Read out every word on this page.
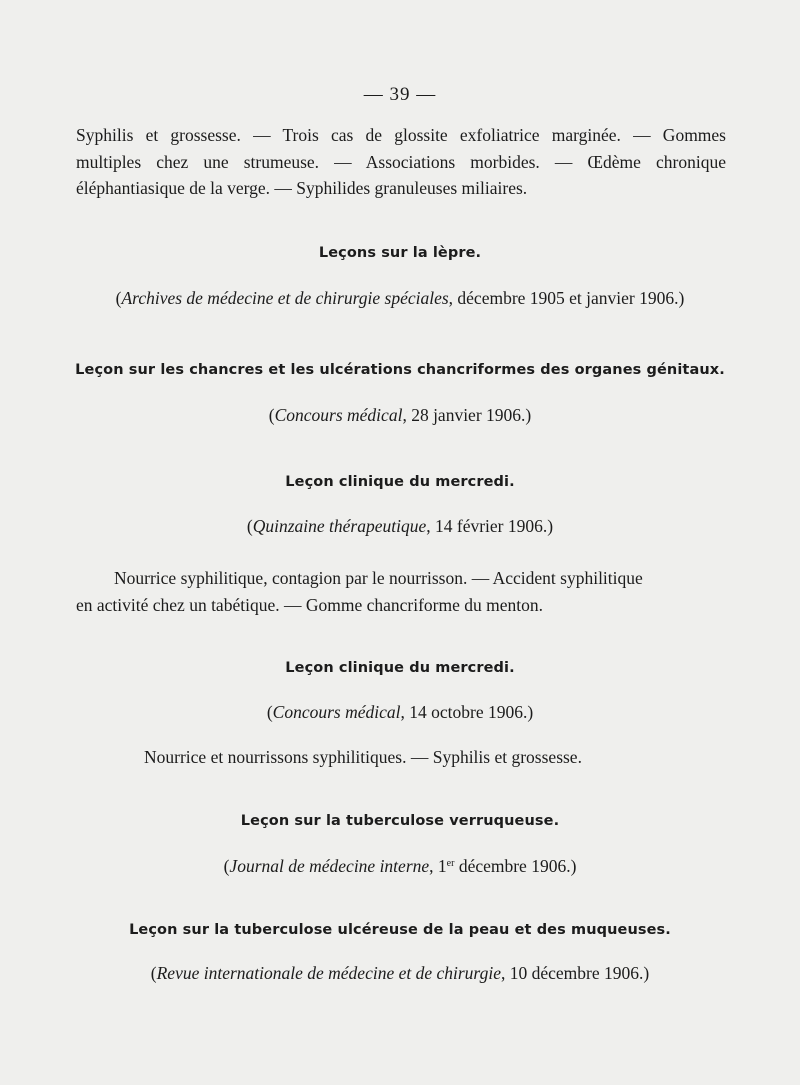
— 39 —
Syphilis et grossesse. — Trois cas de glossite exfoliatrice marginée. — Gommes
multiples chez une strumeuse. — Associations morbides. — Œdème chronique
éléphantiasique de la verge. — Syphilides granuleuses miliaires.
Leçons sur la lèpre.
(Archives de médecine et de chirurgie spéciales, décembre 1905 et janvier 1906.)
Leçon sur les chancres et les ulcérations chancriformes des organes génitaux.
(Concours médical, 28 janvier 1906.)
Leçon clinique du mercredi.
(Quinzaine thérapeutique, 14 février 1906.)
Nourrice syphilitique, contagion par le nourrisson. — Accident syphilitique
en activité chez un tabétique. — Gomme chancriforme du menton.
Leçon clinique du mercredi.
(Concours médical, 14 octobre 1906.)
Nourrice et nourrissons syphilitiques. — Syphilis et grossesse.
Leçon sur la tuberculose verruqueuse.
(Journal de médecine interne, 1er décembre 1906.)
Leçon sur la tuberculose ulcéreuse de la peau et des muqueuses.
(Revue internationale de médecine et de chirurgie, 10 décembre 1906.)
